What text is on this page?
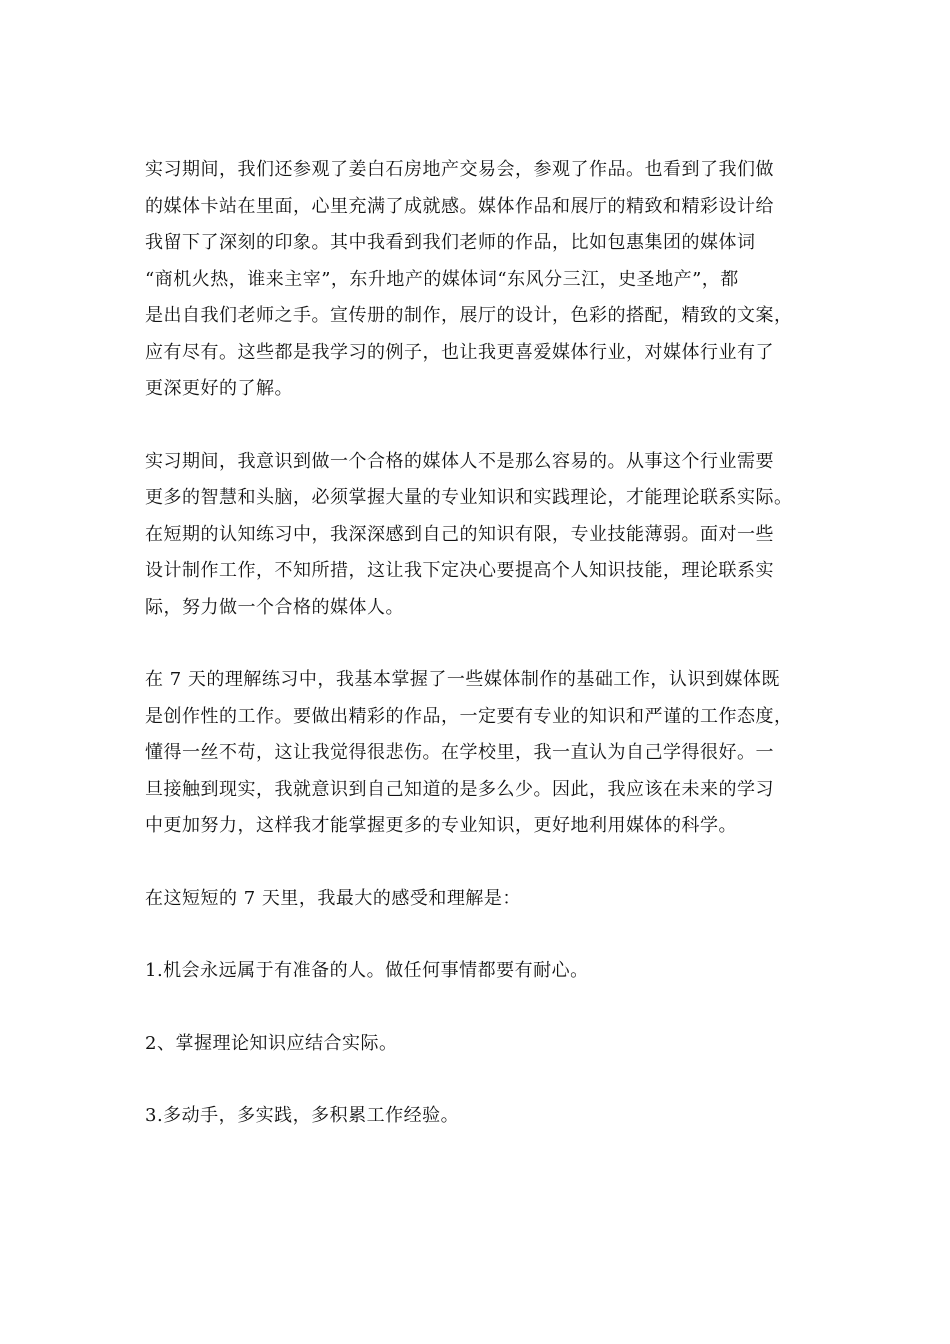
实习期间，我们还参观了姜白石房地产交易会，参观了作品。也看到了我们做
的媒体卡站在里面，心里充满了成就感。媒体作品和展厅的精致和精彩设计给
我留下了深刻的印象。其中我看到我们老师的作品，比如包惠集团的媒体词
“商机火热，谁来主宰”，东升地产的媒体词“东风分三江，史圣地产”，都
是出自我们老师之手。宣传册的制作，展厅的设计，色彩的搭配，精致的文案，
应有尽有。这些都是我学习的例子，也让我更喜爱媒体行业，对媒体行业有了
更深更好的了解。
实习期间，我意识到做一个合格的媒体人不是那么容易的。从事这个行业需要
更多的智慧和头脑，必须掌握大量的专业知识和实践理论，才能理论联系实际。
在短期的认知练习中，我深深感到自己的知识有限，专业技能薄弱。面对一些
设计制作工作，不知所措，这让我下定决心要提高个人知识技能，理论联系实
际，努力做一个合格的媒体人。
在 7 天的理解练习中，我基本掌握了一些媒体制作的基础工作，认识到媒体既
是创作性的工作。要做出精彩的作品，一定要有专业的知识和严谨的工作态度，
懂得一丝不苟，这让我觉得很悲伤。在学校里，我一直认为自己学得很好。一
旦接触到现实，我就意识到自己知道的是多么少。因此，我应该在未来的学习
中更加努力，这样我才能掌握更多的专业知识，更好地利用媒体的科学。
在这短短的 7 天里，我最大的感受和理解是：
1.机会永远属于有准备的人。做任何事情都要有耐心。
2、掌握理论知识应结合实际。
3.多动手，多实践，多积累工作经验。
